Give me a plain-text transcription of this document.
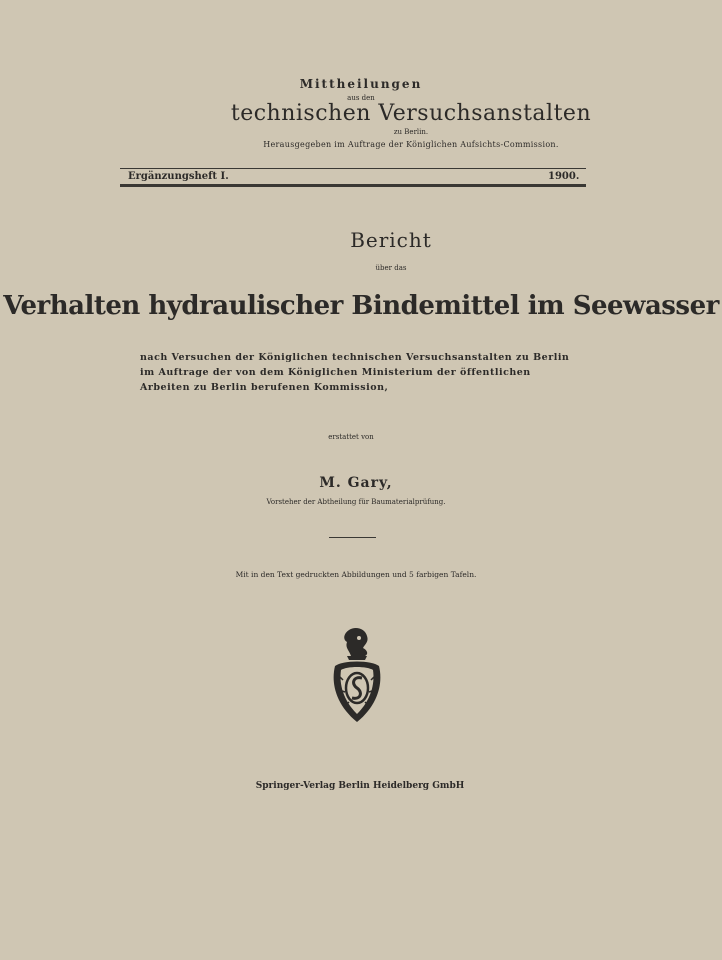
Mittheilungen
aus den
technischen Versuchsanstalten
zu Berlin.
Herausgegeben im Auftrage der Königlichen Aufsichts-Commission.
Ergänzungsheft I.	1900.
Bericht
über das
Verhalten hydraulischer Bindemittel im Seewasser
nach Versuchen der Königlichen technischen Versuchsanstalten zu Berlin
im Auftrage der von dem Königlichen Ministerium der öffentlichen
Arbeiten zu Berlin berufenen Kommission,
erstattet von
M. Gary,
Vorsteher der Abtheilung für Baumaterialprüfung.
Mit in den Text gedruckten Abbildungen und 5 farbigen Tafeln.
Springer-Verlag Berlin Heidelberg GmbH
